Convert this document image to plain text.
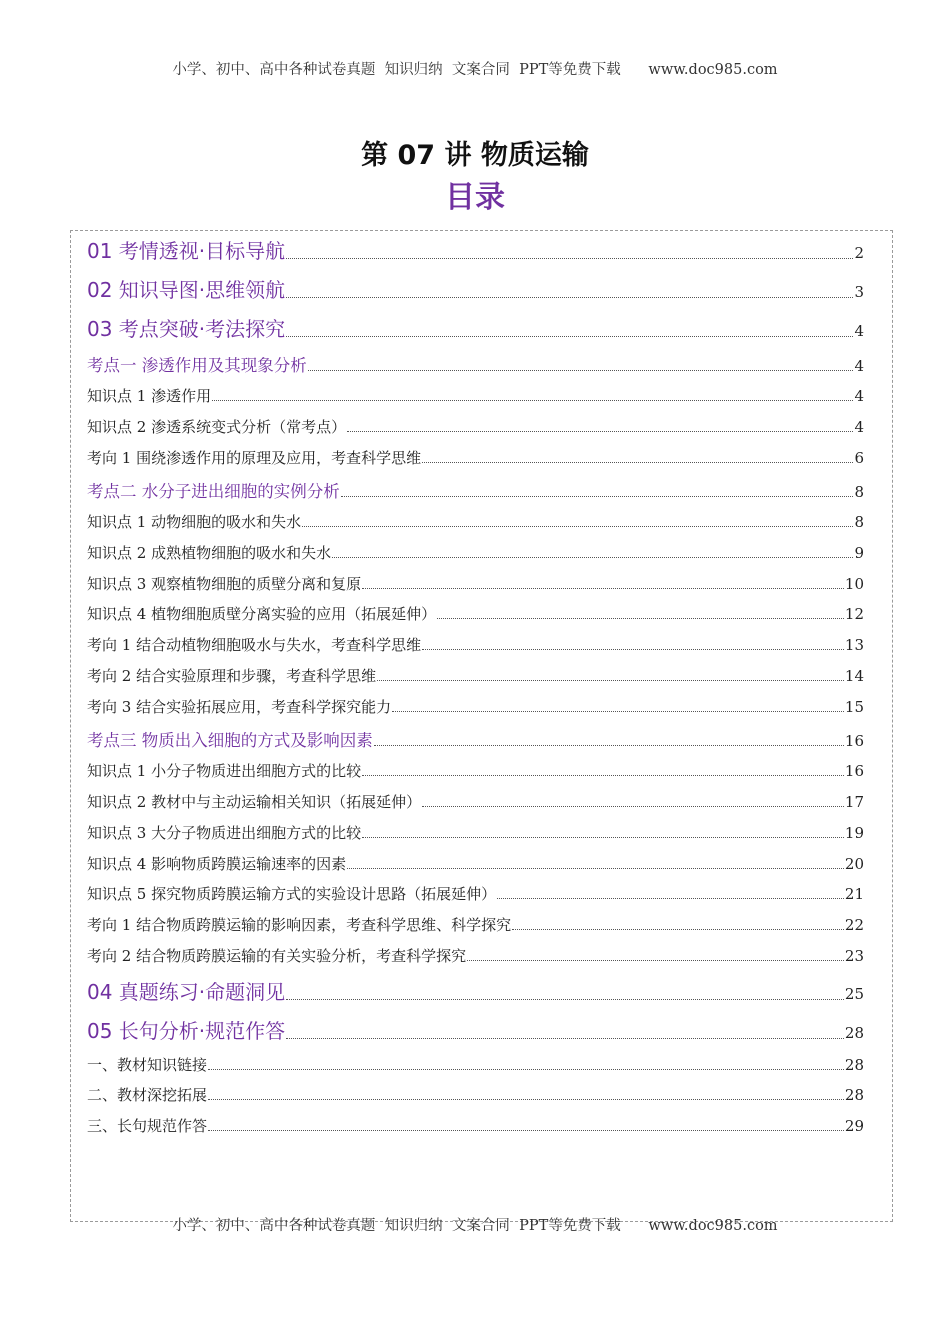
小学、初中、高中各种试卷真题  知识归纳  文案合同  PPT等免费下载      www.doc985.com
第 07 讲 物质运输
目录
01 考情透视·目标导航	2
02 知识导图·思维领航	3
03 考点突破·考法探究	4
考点一 渗透作用及其现象分析	4
知识点 1 渗透作用	4
知识点 2 渗透系统变式分析（常考点）	4
考向 1 围绕渗透作用的原理及应用，考查科学思维	6
考点二 水分子进出细胞的实例分析	8
知识点 1 动物细胞的吸水和失水	8
知识点 2 成熟植物细胞的吸水和失水	9
知识点 3 观察植物细胞的质壁分离和复原	10
知识点 4 植物细胞质壁分离实验的应用（拓展延伸）	12
考向 1 结合动植物细胞吸水与失水，考查科学思维	13
考向 2 结合实验原理和步骤，考查科学思维	14
考向 3 结合实验拓展应用，考查科学探究能力	15
考点三 物质出入细胞的方式及影响因素	16
知识点 1 小分子物质进出细胞方式的比较	16
知识点 2 教材中与主动运输相关知识（拓展延伸）	17
知识点 3 大分子物质进出细胞方式的比较	19
知识点 4 影响物质跨膜运输速率的因素	20
知识点 5 探究物质跨膜运输方式的实验设计思路（拓展延伸）	21
考向 1 结合物质跨膜运输的影响因素，考查科学思维、科学探究	22
考向 2 结合物质跨膜运输的有关实验分析，考查科学探究	23
04 真题练习·命题洞见	25
05 长句分析·规范作答	28
一、教材知识链接	28
二、教材深挖拓展	28
三、长句规范作答	29
小学、初中、高中各种试卷真题  知识归纳  文案合同  PPT等免费下载      www.doc985.com
